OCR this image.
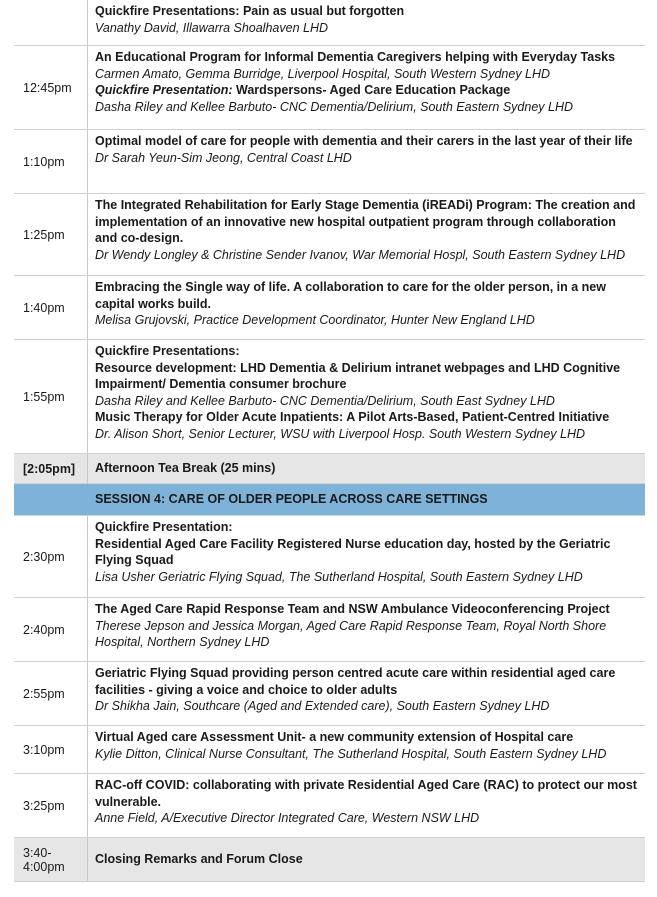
Quickfire Presentations: Pain as usual but forgotten
Vanathy David, Illawarra Shoalhaven LHD
12:45pm
An Educational Program for Informal Dementia Caregivers helping with Everyday Tasks
Carmen Amato, Gemma Burridge, Liverpool Hospital, South Western Sydney LHD
Quickfire Presentation: Wardspersons- Aged Care Education Package
Dasha Riley and Kellee Barbuto- CNC Dementia/Delirium, South Eastern Sydney LHD
1:10pm
Optimal model of care for people with dementia and their carers in the last year of their life
Dr Sarah Yeun-Sim Jeong, Central Coast LHD
1:25pm
The Integrated Rehabilitation for Early Stage Dementia (iREADi) Program: The creation and implementation of an innovative new hospital outpatient program through collaboration and co-design.
Dr Wendy Longley & Christine Sender Ivanov, War Memorial Hospl, South Eastern Sydney LHD
1:40pm
Embracing the Single way of life. A collaboration to care for the older person, in a new capital works build.
Melisa Grujovski, Practice Development Coordinator, Hunter New England LHD
1:55pm
Quickfire Presentations:
Resource development: LHD Dementia & Delirium intranet webpages and LHD Cognitive Impairment/ Dementia consumer brochure
Dasha Riley and Kellee Barbuto- CNC Dementia/Delirium, South East Sydney LHD
Music Therapy for Older Acute Inpatients: A Pilot Arts-Based, Patient-Centred Initiative
Dr. Alison Short, Senior Lecturer, WSU with Liverpool Hosp. South Western Sydney LHD
[2:05pm]	Afternoon Tea Break (25 mins)
SESSION 4: CARE OF OLDER PEOPLE ACROSS CARE SETTINGS
2:30pm
Quickfire Presentation:
Residential Aged Care Facility Registered Nurse education day, hosted by the Geriatric Flying Squad
Lisa Usher Geriatric Flying Squad, The Sutherland Hospital, South Eastern Sydney LHD
2:40pm
The Aged Care Rapid Response Team and NSW Ambulance Videoconferencing Project
Therese Jepson and Jessica Morgan, Aged Care Rapid Response Team, Royal North Shore Hospital, Northern Sydney LHD
2:55pm
Geriatric Flying Squad providing person centred acute care within residential aged care facilities - giving a voice and choice to older adults
Dr Shikha Jain, Southcare (Aged and Extended care), South Eastern Sydney LHD
3:10pm
Virtual Aged care Assessment Unit- a new community extension of Hospital care
Kylie Ditton, Clinical Nurse Consultant, The Sutherland Hospital, South Eastern Sydney LHD
3:25pm
RAC-off COVID: collaborating with private Residential Aged Care (RAC) to protect our most vulnerable.
Anne Field, A/Executive Director Integrated Care, Western NSW LHD
3:40-
4:00pm
Closing Remarks and Forum Close
